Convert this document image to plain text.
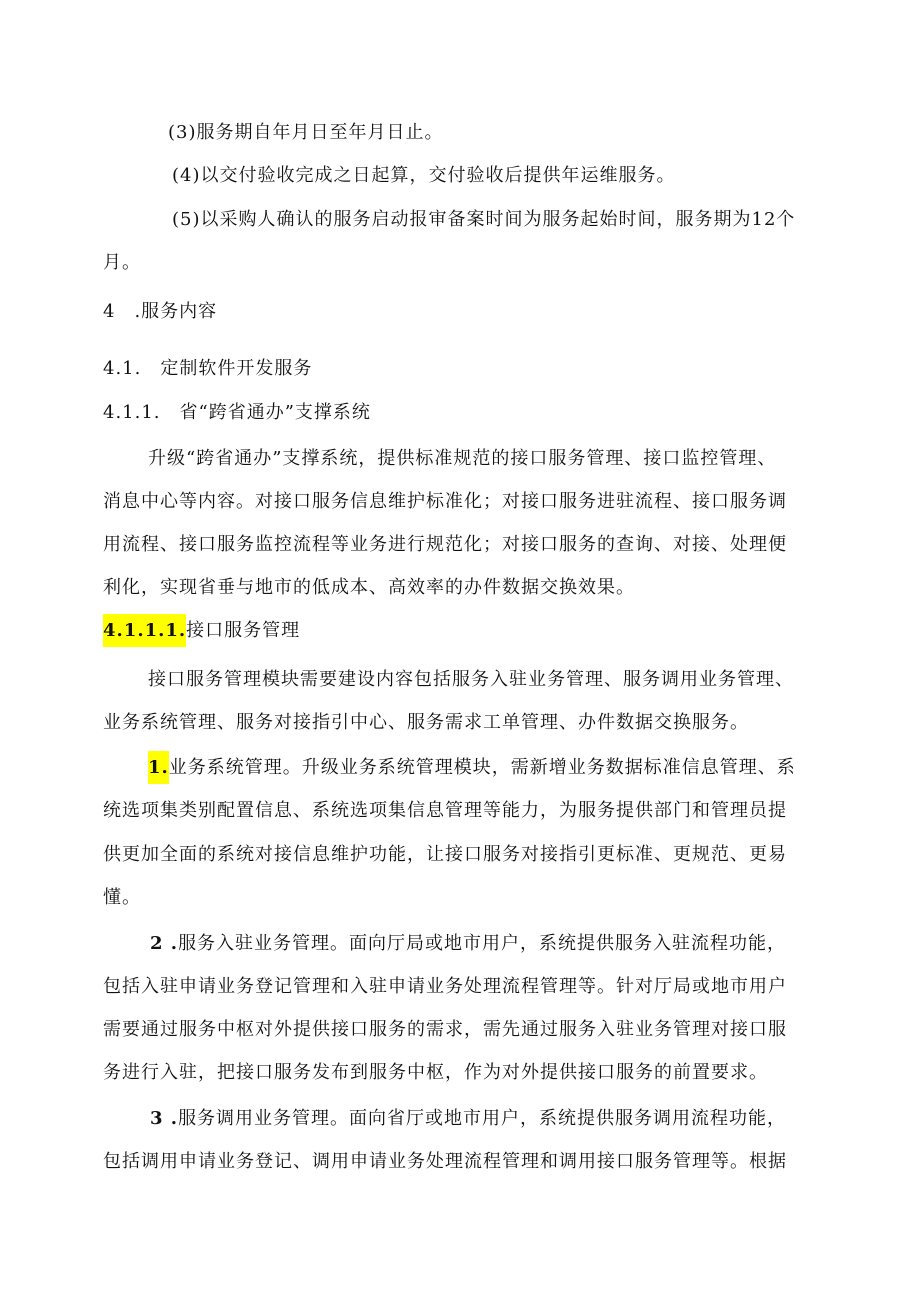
(3)服务期自年月日至年月日止。
(4)以交付验收完成之日起算，交付验收后提供年运维服务。
(5)以采购人确认的服务启动报审备案时间为服务起始时间，服务期为12个
月。
4　.服务内容
4.1.　定制软件开发服务
4.1.1.　省“跨省通办”支撑系统
升级“跨省通办”支撑系统，提供标准规范的接口服务管理、接口监控管理、
消息中心等内容。对接口服务信息维护标准化；对接口服务进驻流程、接口服务调
用流程、接口服务监控流程等业务进行规范化；对接口服务的查询、对接、处理便
利化，实现省垂与地市的低成本、高效率的办件数据交换效果。
4.1.1.1.接口服务管理
接口服务管理模块需要建设内容包括服务入驻业务管理、服务调用业务管理、
业务系统管理、服务对接指引中心、服务需求工单管理、办件数据交换服务。
1.业务系统管理。升级业务系统管理模块，需新增业务数据标准信息管理、系
统选项集类别配置信息、系统选项集信息管理等能力，为服务提供部门和管理员提
供更加全面的系统对接信息维护功能，让接口服务对接指引更标准、更规范、更易
懂。
2 .服务入驻业务管理。面向厅局或地市用户，系统提供服务入驻流程功能，
包括入驻申请业务登记管理和入驻申请业务处理流程管理等。针对厅局或地市用户
需要通过服务中枢对外提供接口服务的需求，需先通过服务入驻业务管理对接口服
务进行入驻，把接口服务发布到服务中枢，作为对外提供接口服务的前置要求。
3 .服务调用业务管理。面向省厅或地市用户，系统提供服务调用流程功能，
包括调用申请业务登记、调用申请业务处理流程管理和调用接口服务管理等。根据
